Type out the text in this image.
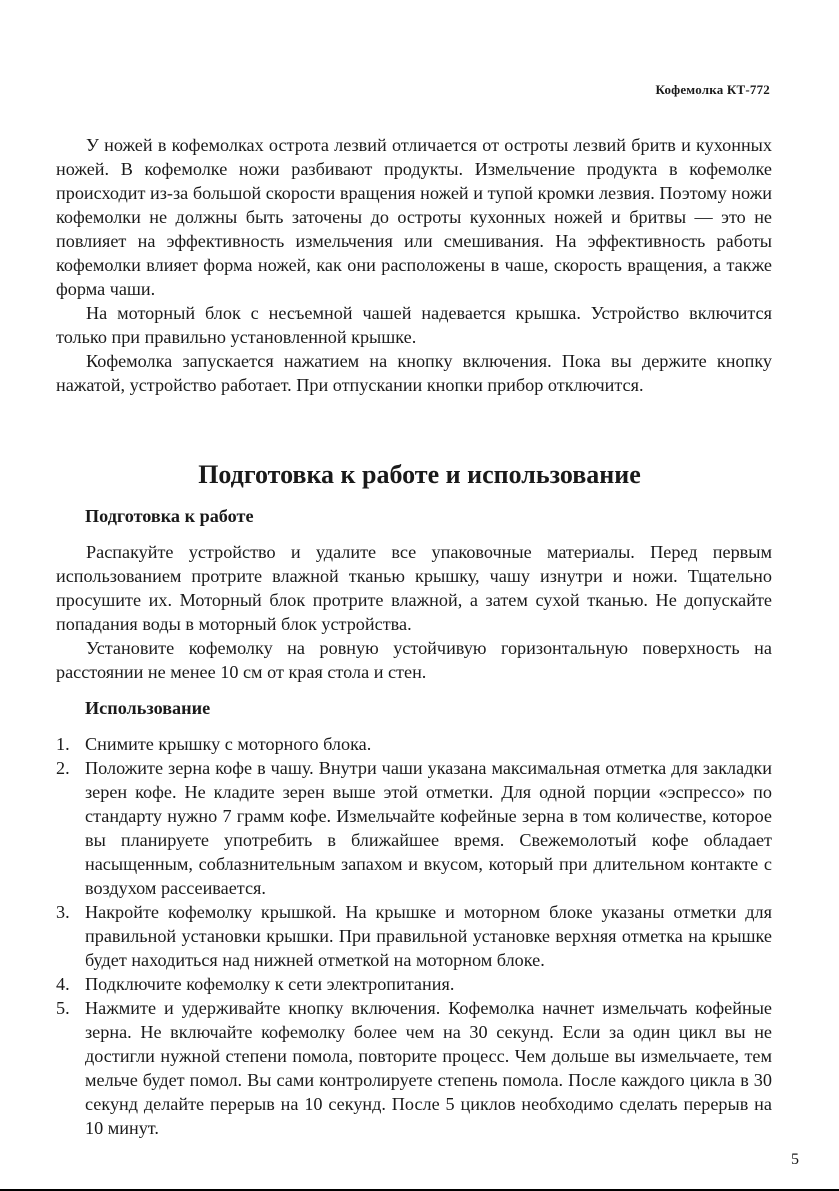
Кофемолка КТ-772

У ножей в кофемолках острота лезвий отличается от остроты лезвий бритв и кухонных ножей. В кофемолке ножи разбивают продукты. Измельчение продукта в кофемолке происходит из-за большой скорости вращения ножей и тупой кромки лезвия. Поэтому ножи кофемолки не должны быть заточены до остроты кухонных ножей и бритвы — это не повлияет на эффективность измельчения или смешивания. На эффективность работы кофемолки влияет форма ножей, как они расположены в чаше, скорость вращения, а также форма чаши.

На моторный блок с несъемной чашей надевается крышка. Устройство включится только при правильно установленной крышке.

Кофемолка запускается нажатием на кнопку включения. Пока вы держите кнопку нажатой, устройство работает. При отпускании кнопки прибор отключится.

Подготовка к работе и использование
Подготовка к работе

Распакуйте устройство и удалите все упаковочные материалы. Перед первым использованием протрите влажной тканью крышку, чашу изнутри и ножи. Тщательно просушите их. Моторный блок протрите влажной, а затем сухой тканью. Не допускайте попадания воды в моторный блок устройства.

Установите кофемолку на ровную устойчивую горизонтальную поверхность на расстоянии не менее 10 см от края стола и стен.

Использование
1. Снимите крышку с моторного блока.
2. Положите зерна кофе в чашу. Внутри чаши указана максимальная отметка для закладки зерен кофе. Не кладите зерен выше этой отметки. Для одной порции «эспрессо» по стандарту нужно 7 грамм кофе. Измельчайте кофейные зерна в том количестве, которое вы планируете употребить в ближайшее время. Свежемолотый кофе обладает насыщенным, соблазнительным запахом и вкусом, который при длительном контакте с воздухом рассеивается.
3. Накройте кофемолку крышкой. На крышке и моторном блоке указаны отметки для правильной установки крышки. При правильной установке верхняя отметка на крышке будет находиться над нижней отметкой на моторном блоке.
4. Подключите кофемолку к сети электропитания.
5. Нажмите и удерживайте кнопку включения. Кофемолка начнет измельчать кофейные зерна. Не включайте кофемолку более чем на 30 секунд. Если за один цикл вы не достигли нужной степени помола, повторите процесс. Чем дольше вы измельчаете, тем мельче будет помол. Вы сами контролируете степень помола. После каждого цикла в 30 секунд делайте перерыв на 10 секунд. После 5 циклов необходимо сделать перерыв на 10 минут.
5
